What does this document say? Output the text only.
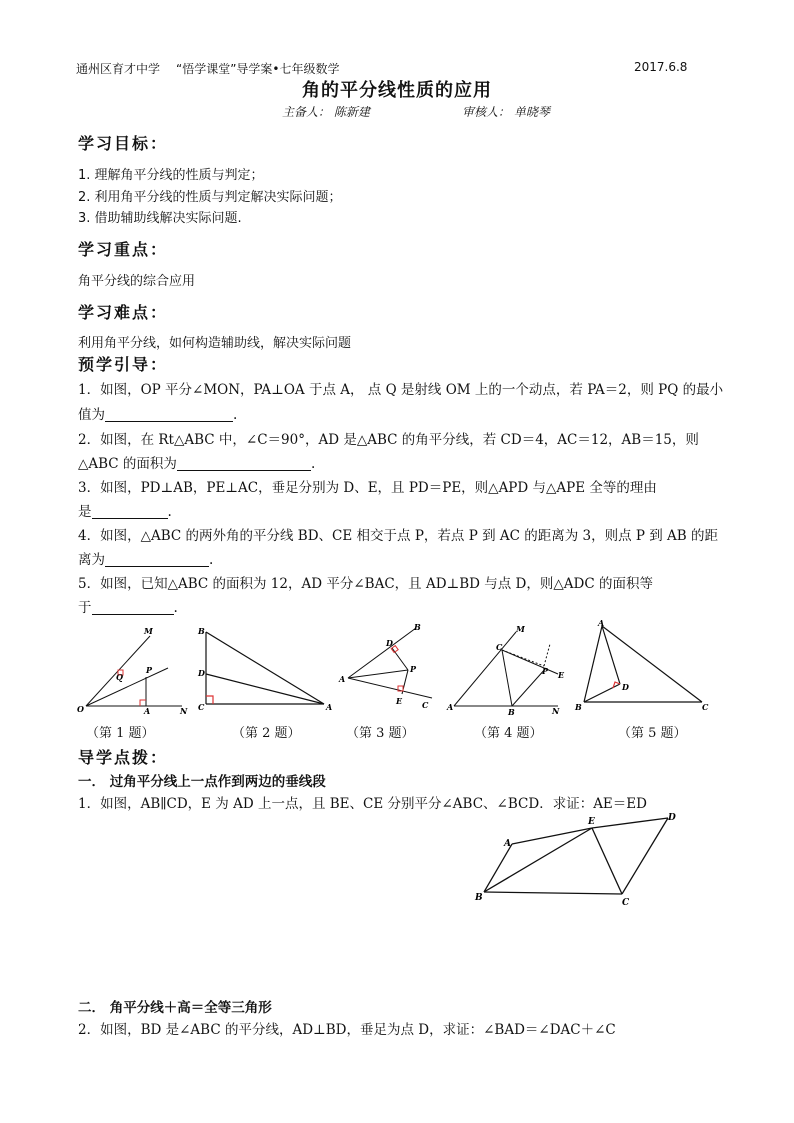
通州区育才中学 “悟学课堂”导学案•七年级数学	2017.6.8
角的平分线性质的应用
主备人： 陈新建	审核人： 单晓琴
学习目标：
1. 理解角平分线的性质与判定；
2. 利用角平分线的性质与判定解决实际问题；
3. 借助辅助线解决实际问题.
学习重点：
角平分线的综合应用
学习难点：
利用角平分线，如何构造辅助线，解决实际问题
预学引导：
1．如图，OP 平分∠MON，PA⊥OA 于点 A， 点 Q 是射线 OM 上的一个动点，若 PA＝2，则 PQ 的最小
值为	.
2．如图，在 Rt△ABC 中，∠C＝90°，AD 是△ABC 的角平分线，若 CD＝4，AC＝12，AB＝15，则
△ABC 的面积为	.
3．如图，PD⊥AB，PE⊥AC，垂足分别为 D、E，且 PD＝PE，则△APD 与△APE 全等的理由
是	.
4．如图，△ABC 的两外角的平分线 BD、CE 相交于点 P，若点 P 到 AC 的距离为 3，则点 P 到 AB 的距
离为	.
5．如图，已知△ABC 的面积为 12，AD 平分∠BAC，且 AD⊥BD 与点 D，则△ADC 的面积等
于	.
M
Q
P
O	A	N
B
D
C	A
B
D
A
P
E C
M
C
P E
A	B	N
A
D
B	C
（第 1 题）	（第 2 题）	（第 3 题）	（第 4 题）	（第 5 题）
导学点拨：
一． 过角平分线上一点作到两边的垂线段
1．如图，AB∥CD，E 为 AD 上一点，且 BE、CE 分别平分∠ABC、∠BCD．求证：AE＝ED
A
E	D
B	C
二． 角平分线＋高＝全等三角形
2．如图，BD 是∠ABC 的平分线，AD⊥BD，垂足为点 D，求证：∠BAD＝∠DAC＋∠C
